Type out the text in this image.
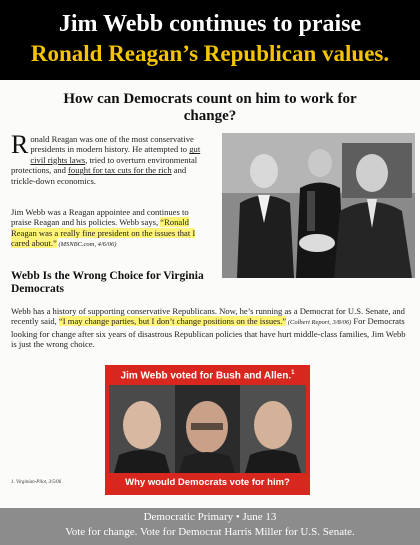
Jim Webb continues to praise
Ronald Reagan’s Republican values.
How can Democrats count on him to work for change?
Ronald Reagan was one of the most conservative presidents in modern history. He attempted to gut civil rights laws, tried to overturn environmental protections, and fought for tax cuts for the rich and trickle-down economics.
Jim Webb was a Reagan appointee and continues to praise Reagan and his policies. Webb says, “Ronald Reagan was a really fine president on the issues that I cared about.” (MSNBC.com, 4/6/06)
Webb Is the Wrong Choice for Virginia Democrats
Webb has a history of supporting conservative Republicans. Now, he’s running as a Democrat for U.S. Senate, and recently said, “I may change parties, but I don’t change positions on the issues.” (Colbert Report, 3/8/06) For Democrats looking for change after six years of disastrous Republican policies that have hurt middle-class families, Jim Webb is just the wrong choice.
Jim Webb voted for Bush and Allen.$^1$
Why would Democrats vote for him?
1. Virginian-Pilot, 3/5/06
Democratic Primary • June 13
Vote for change. Vote for Democrat Harris Miller for U.S. Senate.
